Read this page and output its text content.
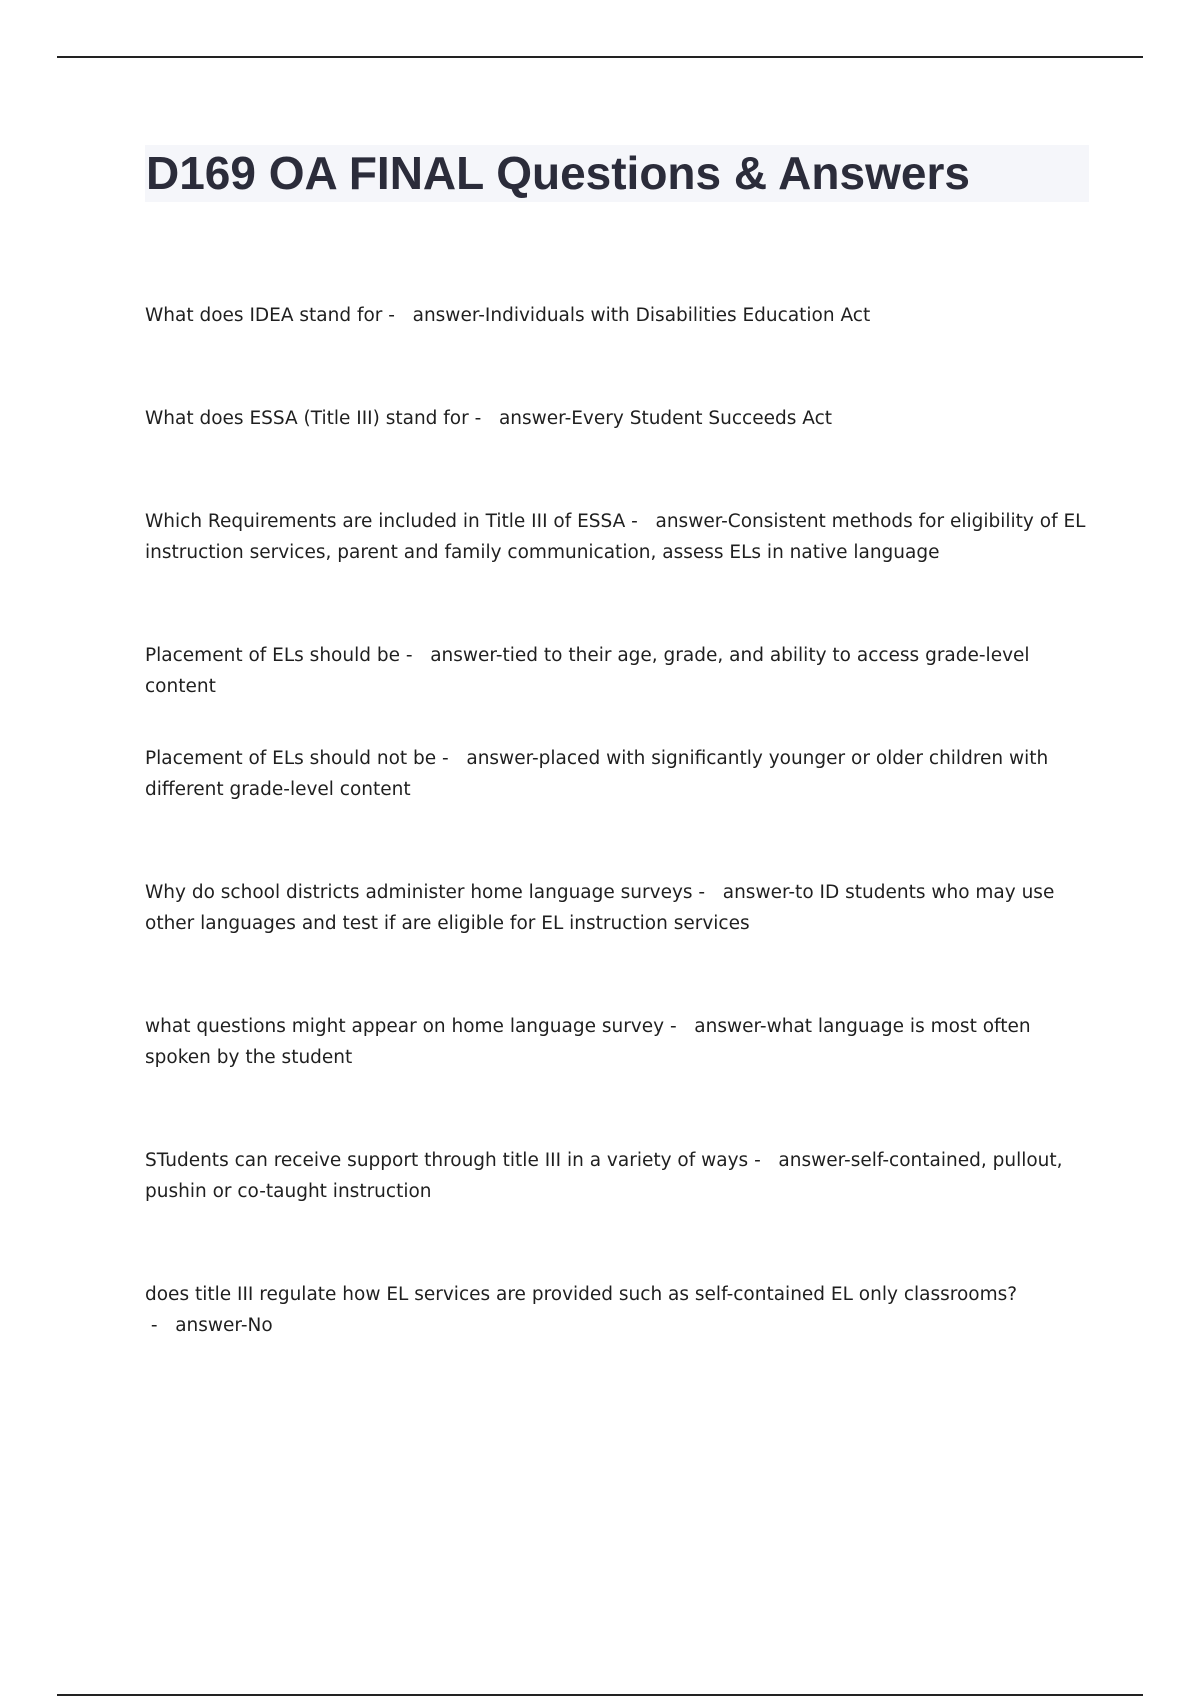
D169 OA FINAL Questions & Answers
What does IDEA stand for -   answer-Individuals with Disabilities Education Act
What does ESSA (Title III) stand for -   answer-Every Student Succeeds Act
Which Requirements are included in Title III of ESSA -   answer-Consistent methods for eligibility of EL instruction services, parent and family communication, assess ELs in native language
Placement of ELs should be -   answer-tied to their age, grade, and ability to access grade-level content
Placement of ELs should not be -   answer-placed with significantly younger or older children with different grade-level content
Why do school districts administer home language surveys -   answer-to ID students who may use other languages and test if are eligible for EL instruction services
what questions might appear on home language survey -   answer-what language is most often spoken by the student
STudents can receive support through title III in a variety of ways -   answer-self-contained, pullout, pushin or co-taught instruction
does title III regulate how EL services are provided such as self-contained EL only classrooms? -   answer-No
